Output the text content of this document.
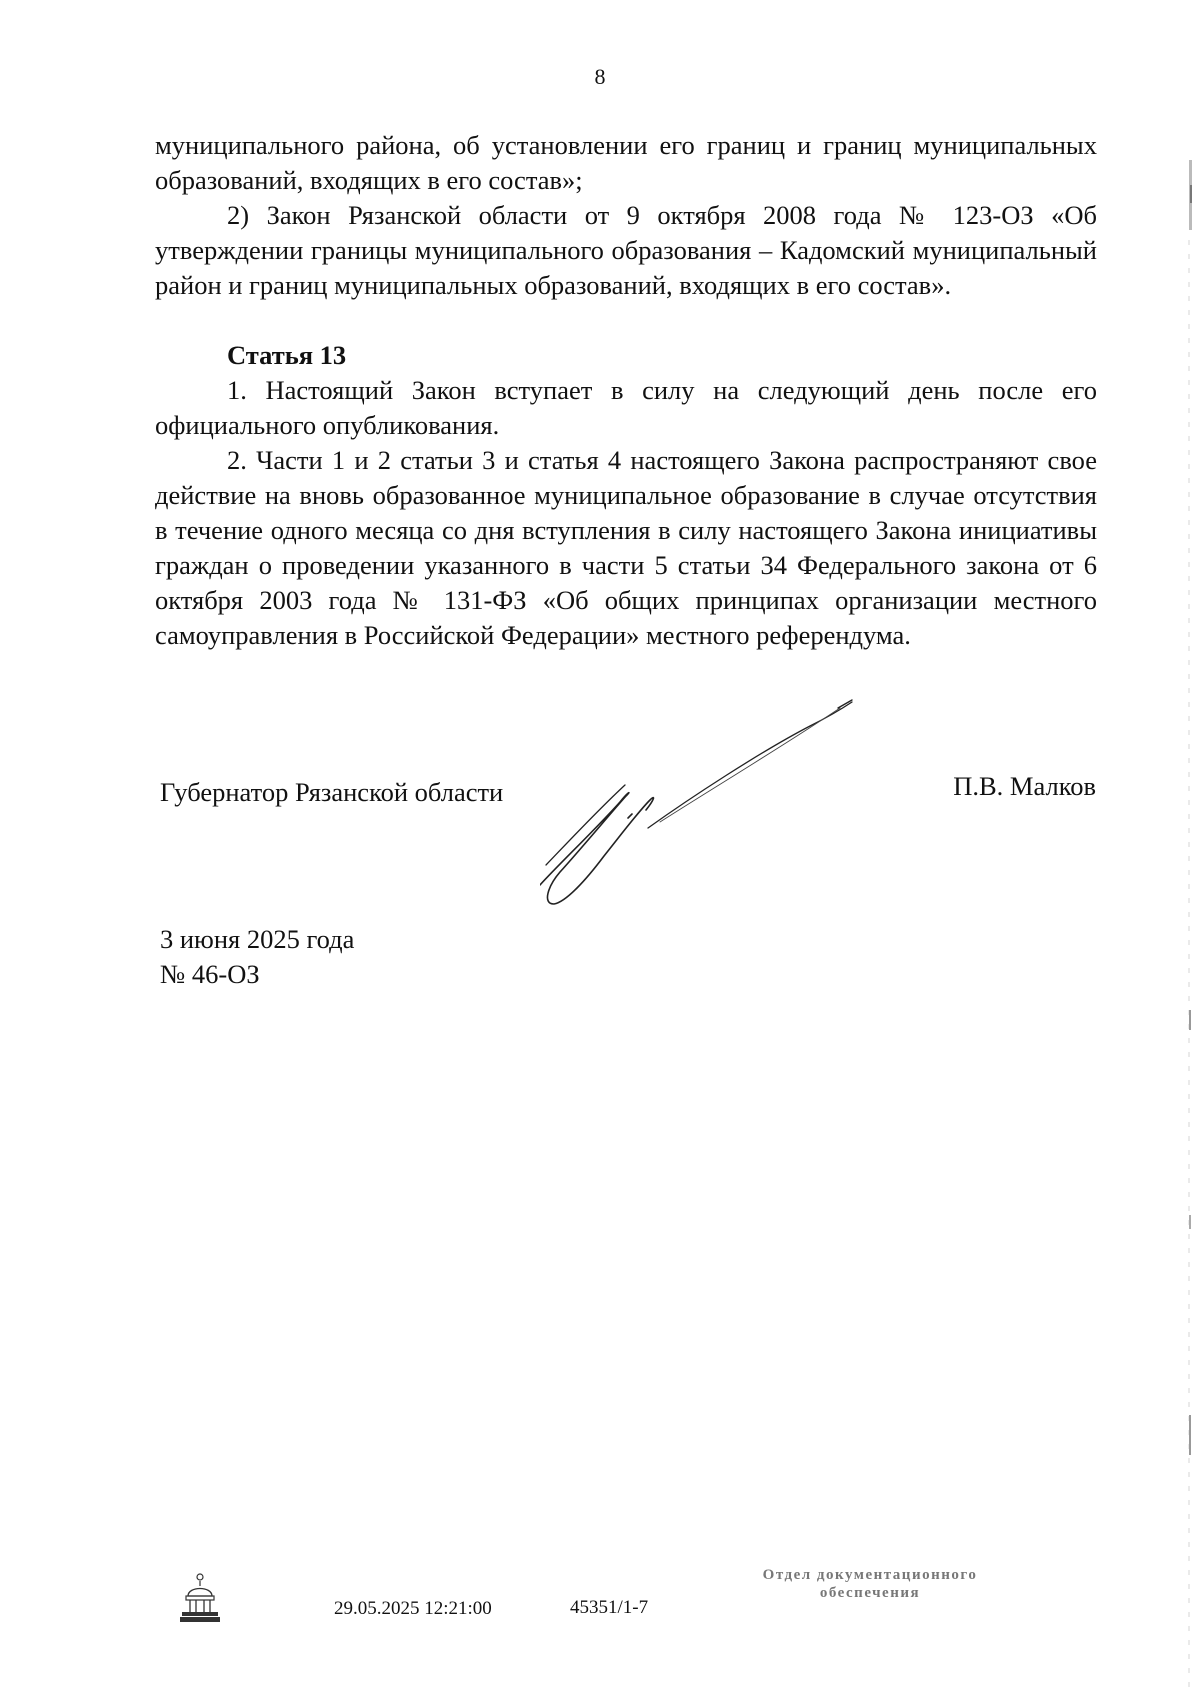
8

муниципального района, об установлении его границ и границ муниципальных образований, входящих в его состав»;

2) Закон Рязанской области от 9 октября 2008 года № 123-ОЗ «Об утверждении границы муниципального образования – Кадомский муниципальный район и границ муниципальных образований, входящих в его состав».

Статья 13

1. Настоящий Закон вступает в силу на следующий день после его официального опубликования.

2. Части 1 и 2 статьи 3 и статья 4 настоящего Закона распространяют свое действие на вновь образованное муниципальное образование в случае отсутствия в течение одного месяца со дня вступления в силу настоящего Закона инициативы граждан о проведении указанного в части 5 статьи 34 Федерального закона от 6 октября 2003 года № 131-ФЗ «Об общих принципах организации местного самоуправления в Российской Федерации» местного референдума.

Губернатор Рязанской области	П.В. Малков
3 июня 2025 года
№ 46-ОЗ
29.05.2025 12:21:00	45351/1-7
Отдел документационного
обеспечения
